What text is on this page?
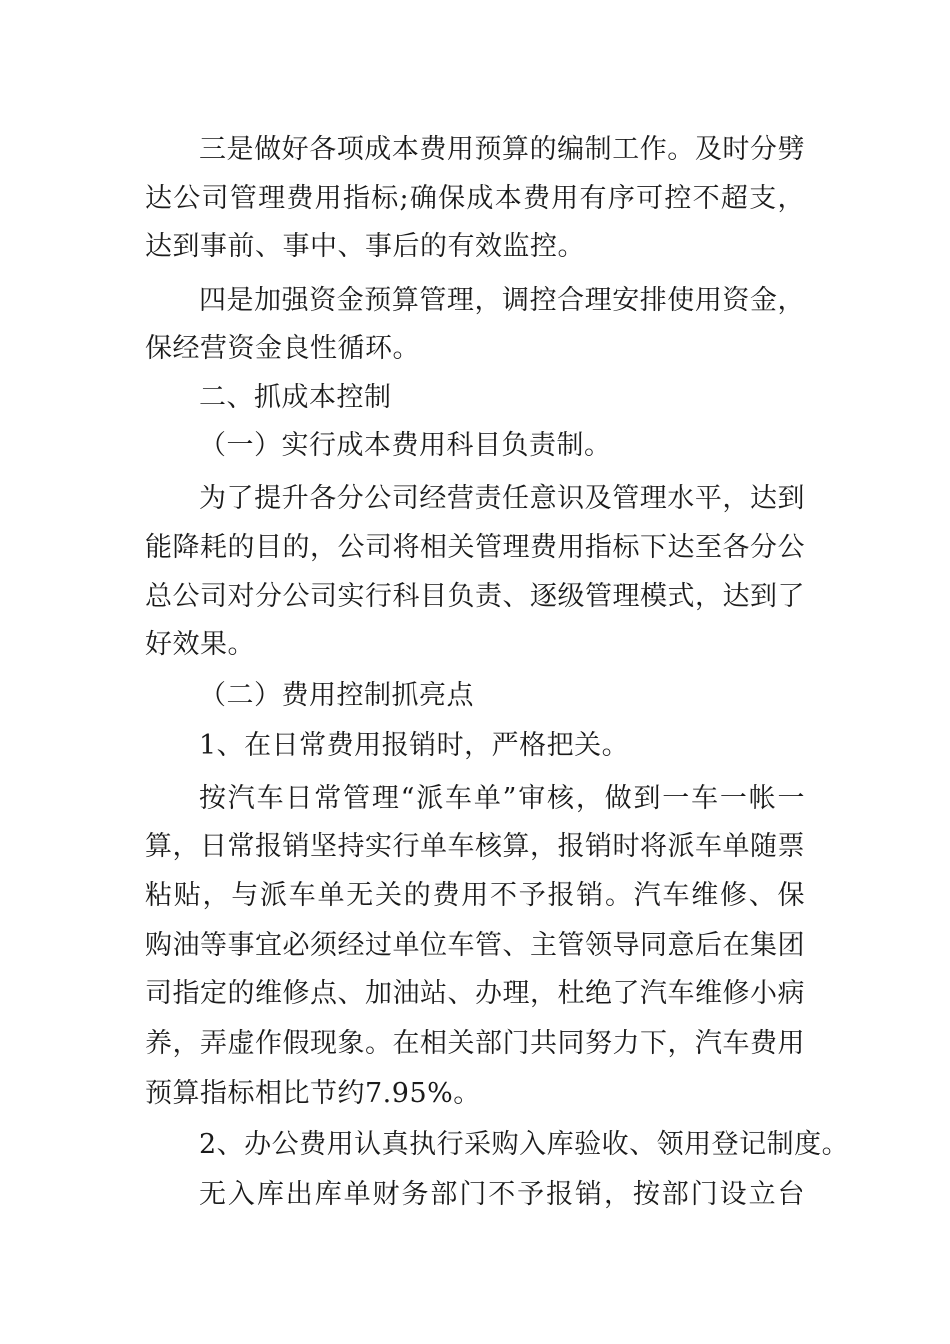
三是做好各项成本费用预算的编制工作。及时分劈
达公司管理费用指标;确保成本费用有序可控不超支，
达到事前、事中、事后的有效监控。
四是加强资金预算管理，调控合理安排使用资金，
保经营资金良性循环。
二、抓成本控制
（一）实行成本费用科目负责制。
为了提升各分公司经营责任意识及管理水平，达到
能降耗的目的，公司将相关管理费用指标下达至各分公
总公司对分公司实行科目负责、逐级管理模式，达到了
好效果。
（二）费用控制抓亮点
1、在日常费用报销时，严格把关。
按汽车日常管理“派车单”审核，做到一车一帐一
算，日常报销坚持实行单车核算，报销时将派车单随票
粘贴，与派车单无关的费用不予报销。汽车维修、保
购油等事宜必须经过单位车管、主管领导同意后在集团
司指定的维修点、加油站、办理，杜绝了汽车维修小病
养，弄虚作假现象。在相关部门共同努力下，汽车费用
预算指标相比节约7.95%。
2、办公费用认真执行采购入库验收、领用登记制度。
无入库出库单财务部门不予报销，按部门设立台
